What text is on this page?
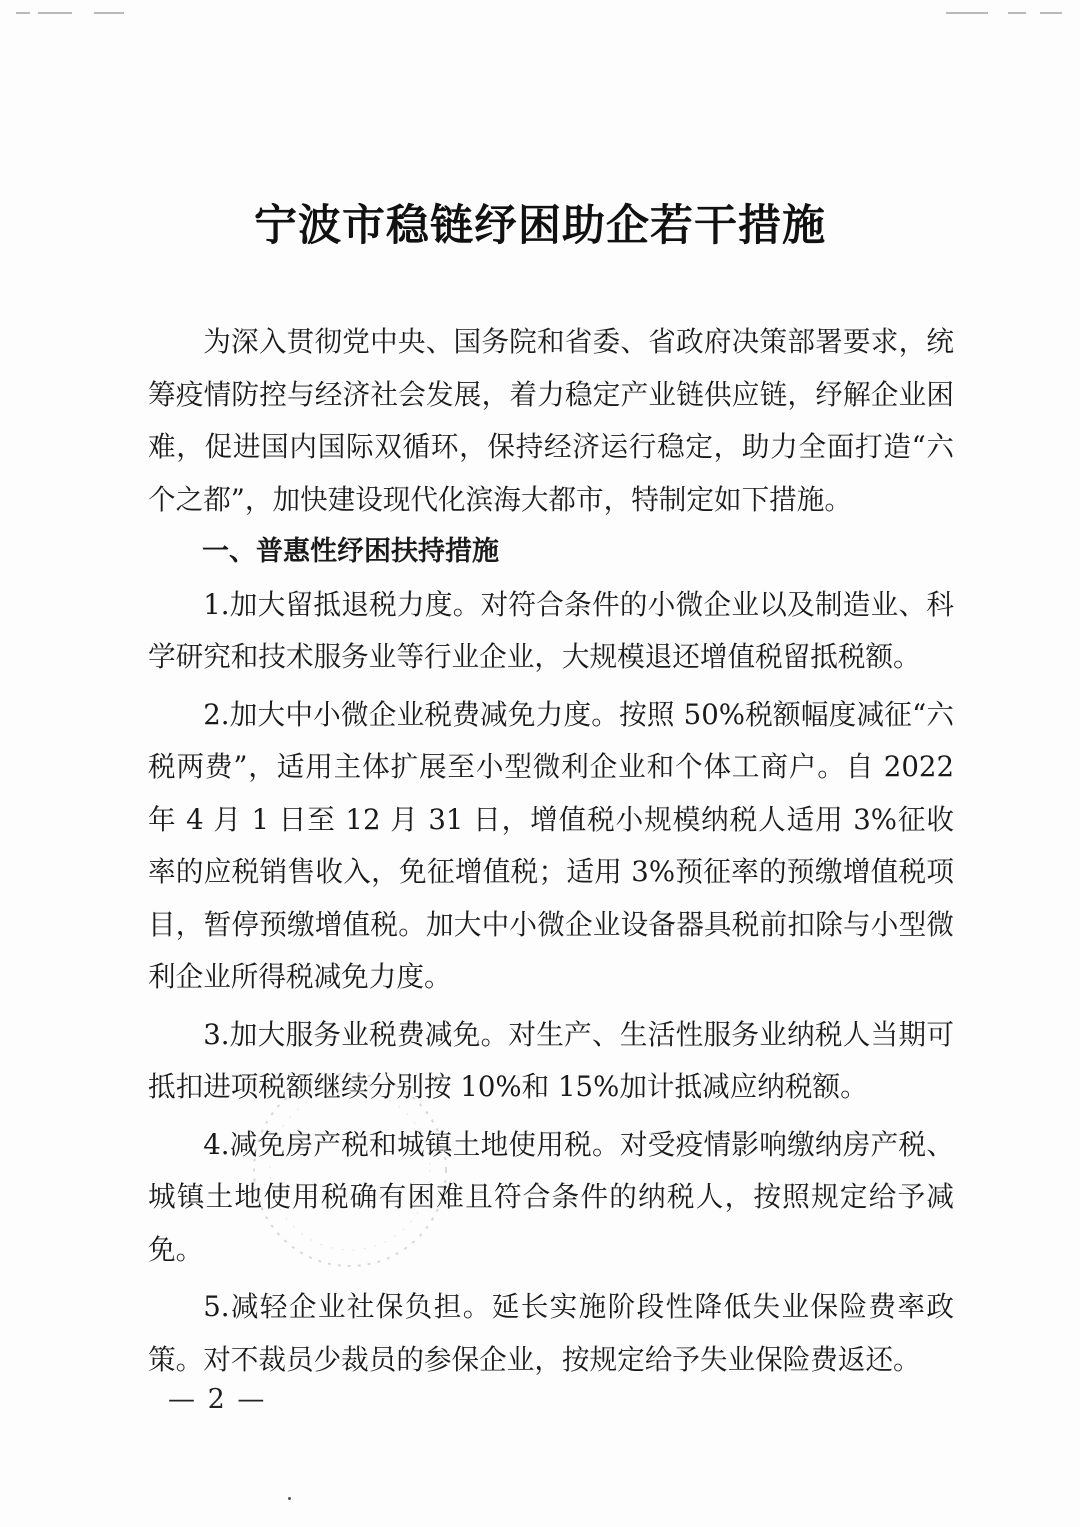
宁波市稳链纾困助企若干措施

为深入贯彻党中央、国务院和省委、省政府决策部署要求，统筹疫情防控与经济社会发展，着力稳定产业链供应链，纾解企业困难，促进国内国际双循环，保持经济运行稳定，助力全面打造“六个之都”，加快建设现代化滨海大都市，特制定如下措施。

一、普惠性纾困扶持措施

1.加大留抵退税力度。对符合条件的小微企业以及制造业、科学研究和技术服务业等行业企业，大规模退还增值税留抵税额。

2.加大中小微企业税费减免力度。按照 50%税额幅度减征“六税两费”，适用主体扩展至小型微利企业和个体工商户。自 2022年 4 月 1 日至 12 月 31 日，增值税小规模纳税人适用 3%征收率的应税销售收入，免征增值税；适用 3%预征率的预缴增值税项目，暂停预缴增值税。加大中小微企业设备器具税前扣除与小型微利企业所得税减免力度。

3.加大服务业税费减免。对生产、生活性服务业纳税人当期可抵扣进项税额继续分别按 10%和 15%加计抵减应纳税额。

4.减免房产税和城镇土地使用税。对受疫情影响缴纳房产税、城镇土地使用税确有困难且符合条件的纳税人，按照规定给予减免。

5.减轻企业社保负担。延长实施阶段性降低失业保险费率政策。对不裁员少裁员的参保企业，按规定给予失业保险费返还。

— 2 —
